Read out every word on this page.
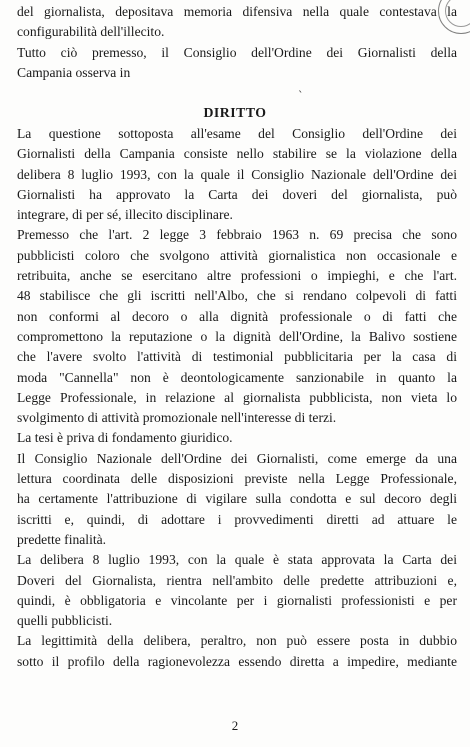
del giornalista, depositava memoria difensiva nella quale contestava la
configurabilità dell'illecito.
Tutto ciò premesso, il Consiglio dell'Ordine dei Giornalisti della
Campania osserva in
ˋ
DIRITTO
La questione sottoposta all'esame del Consiglio dell'Ordine dei
Giornalisti della Campania consiste nello stabilire se la violazione della
delibera 8 luglio 1993, con la quale il Consiglio Nazionale dell'Ordine dei
Giornalisti ha approvato la Carta dei doveri del giornalista, può
integrare, di per sé, illecito disciplinare.
Premesso che l'art. 2 legge 3 febbraio 1963 n. 69 precisa che sono
pubblicisti coloro che svolgono attività giornalistica non occasionale e
retribuita, anche se esercitano altre professioni o impieghi, e che l'art.
48 stabilisce che gli iscritti nell'Albo, che si rendano colpevoli di fatti
non conformi al decoro o alla dignità professionale o di fatti che
compromettono la reputazione o la dignità dell'Ordine, la Balivo sostiene
che l'avere svolto l'attività di testimonial pubblicitaria per la casa di
moda "Cannella" non è deontologicamente sanzionabile in quanto la
Legge Professionale, in relazione al giornalista pubblicista, non vieta lo
svolgimento di attività promozionale nell'interesse di terzi.
La tesi è priva di fondamento giuridico.
Il Consiglio Nazionale dell'Ordine dei Giornalisti, come emerge da una
lettura coordinata delle disposizioni previste nella Legge Professionale,
ha certamente l'attribuzione di vigilare sulla condotta e sul decoro degli
iscritti e, quindi, di adottare i provvedimenti diretti ad attuare le
predette finalità.
La delibera 8 luglio 1993, con la quale è stata approvata la Carta dei
Doveri del Giornalista, rientra nell'ambito delle predette attribuzioni e,
quindi, è obbligatoria e vincolante per i giornalisti professionisti e per
quelli pubblicisti.
La legittimità della delibera, peraltro, non può essere posta in dubbio
sotto il profilo della ragionevolezza essendo diretta a impedire, mediante
2
